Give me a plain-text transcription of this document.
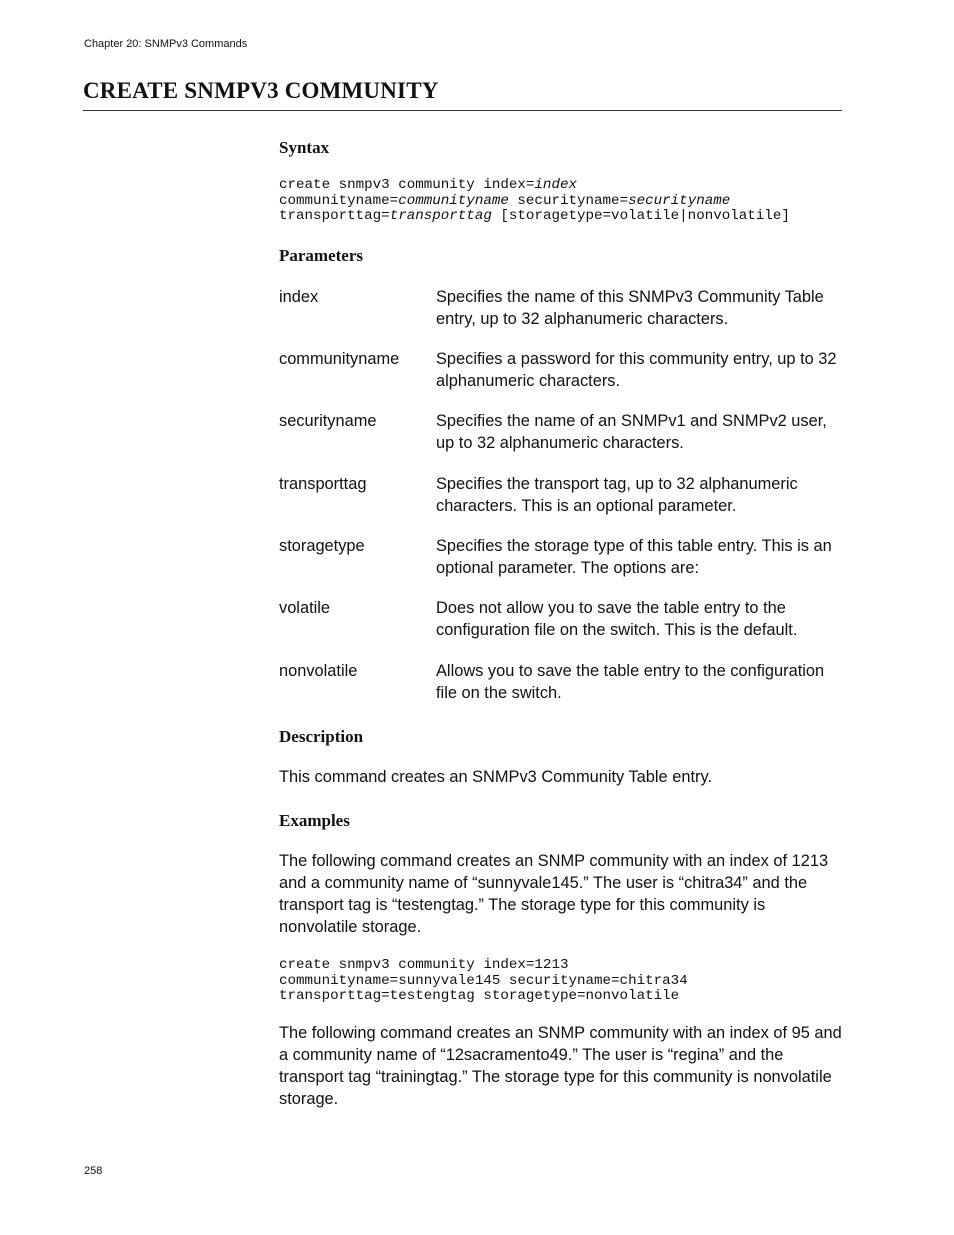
Chapter 20: SNMPv3 Commands
CREATE SNMPV3 COMMUNITY
Syntax
create snmpv3 community index=index
communityname=communityname securityname=securityname
transporttag=transporttag [storagetype=volatile|nonvolatile]
Parameters
index	Specifies the name of this SNMPv3 Community Table entry, up to 32 alphanumeric characters.
communityname Specifies a password for this community entry, up to 32 alphanumeric characters.
securityname	Specifies the name of an SNMPv1 and SNMPv2 user, up to 32 alphanumeric characters.
transporttag	Specifies the transport tag, up to 32 alphanumeric characters. This is an optional parameter.
storagetype	Specifies the storage type of this table entry. This is an optional parameter. The options are:
volatile	Does not allow you to save the table entry to the configuration file on the switch. This is the default.
nonvolatile	Allows you to save the table entry to the configuration file on the switch.
Description

This command creates an SNMPv3 Community Table entry.

Examples

The following command creates an SNMP community with an index of 1213 and a community name of “sunnyvale145.” The user is “chitra34” and the transport tag is “testengtag.” The storage type for this community is nonvolatile storage.

create snmpv3 community index=1213
communityname=sunnyvale145 securityname=chitra34
transporttag=testengtag storagetype=nonvolatile

The following command creates an SNMP community with an index of 95 and a community name of “12sacramento49.” The user is “regina” and the transport tag “trainingtag.” The storage type for this community is nonvolatile storage.

258
